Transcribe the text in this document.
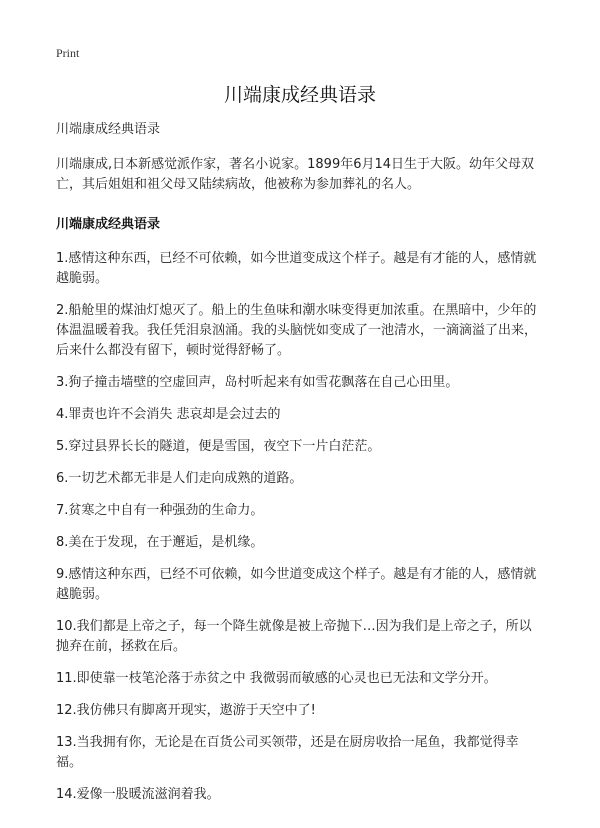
Print
川端康成经典语录

川端康成经典语录

川端康成,日本新感觉派作家，著名小说家。1899年6月14日生于大阪。幼年父母双亡，其后姐姐和祖父母又陆续病故，他被称为参加葬礼的名人。

川端康成经典语录

1.感情这种东西，已经不可依赖，如今世道变成这个样子。越是有才能的人，感情就越脆弱。
2.船舱里的煤油灯熄灭了。船上的生鱼味和潮水味变得更加浓重。在黑暗中，少年的体温温暖着我。我任凭泪泉汹涌。我的头脑恍如变成了一池清水，一滴滴溢了出来，后来什么都没有留下，顿时觉得舒畅了。
3.狗子撞击墙壁的空虚回声，岛村听起来有如雪花飘落在自己心田里。
4.罪责也许不会消失 悲哀却是会过去的
5.穿过县界长长的隧道，便是雪国，夜空下一片白茫茫。
6.一切艺术都无非是人们走向成熟的道路。
7.贫寒之中自有一种强劲的生命力。
8.美在于发现，在于邂逅，是机缘。
9.感情这种东西，已经不可依赖，如今世道变成这个样子。越是有才能的人，感情就越脆弱。
10.我们都是上帝之子，每一个降生就像是被上帝抛下…因为我们是上帝之子，所以抛弃在前，拯救在后。
11.即使靠一枝笔沦落于赤贫之中 我微弱而敏感的心灵也已无法和文学分开。
12.我仿佛只有脚离开现实，遨游于天空中了!
13.当我拥有你，无论是在百货公司买领带，还是在厨房收拾一尾鱼，我都觉得幸福。
14.爱像一股暖流滋润着我。
